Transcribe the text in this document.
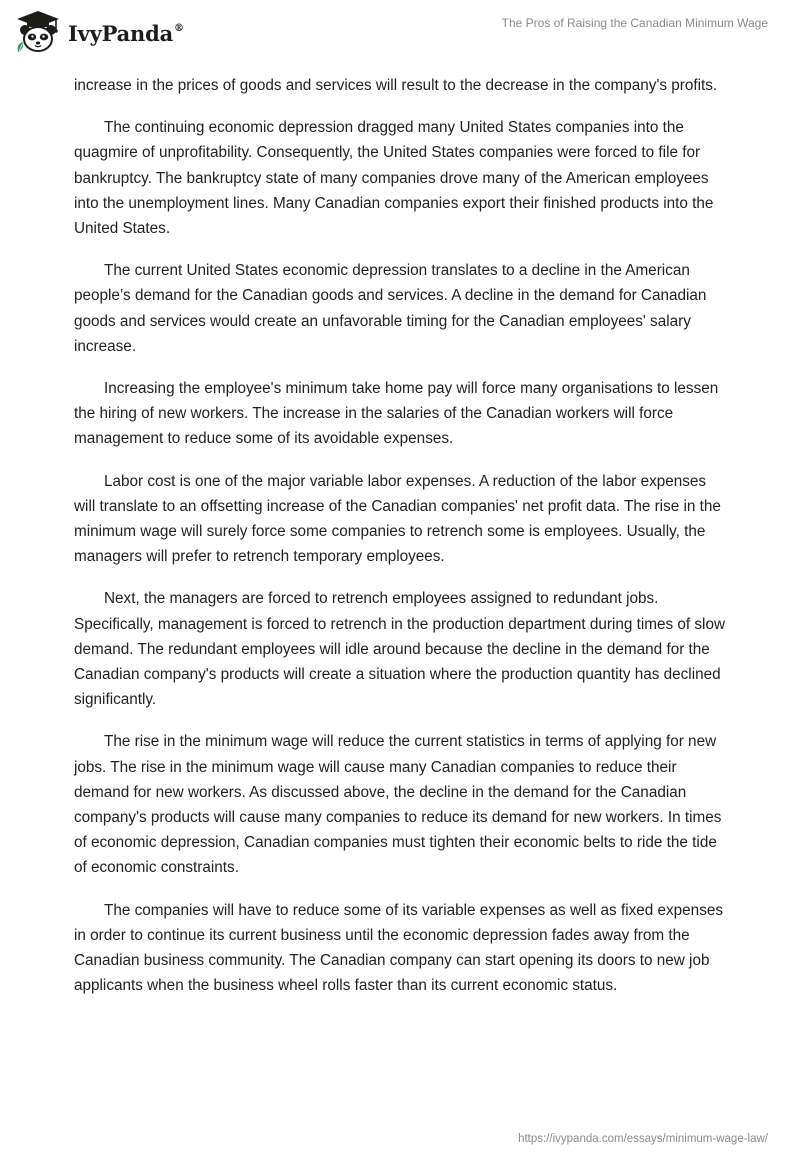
IvyPanda®	The Pros of Raising the Canadian Minimum Wage

increase in the prices of goods and services will result to the decrease in the company's profits.

The continuing economic depression dragged many United States companies into the quagmire of unprofitability. Consequently, the United States companies were forced to file for bankruptcy. The bankruptcy state of many companies drove many of the American employees into the unemployment lines. Many Canadian companies export their finished products into the United States.

The current United States economic depression translates to a decline in the American people’s demand for the Canadian goods and services. A decline in the demand for Canadian goods and services would create an unfavorable timing for the Canadian employees' salary increase.

Increasing the employee's minimum take home pay will force many organisations to lessen the hiring of new workers. The increase in the salaries of the Canadian workers will force management to reduce some of its avoidable expenses.

Labor cost is one of the major variable labor expenses. A reduction of the labor expenses will translate to an offsetting increase of the Canadian companies' net profit data. The rise in the minimum wage will surely force some companies to retrench some is employees. Usually, the managers will prefer to retrench temporary employees.

Next, the managers are forced to retrench employees assigned to redundant jobs. Specifically, management is forced to retrench in the production department during times of slow demand. The redundant employees will idle around because the decline in the demand for the Canadian company's products will create a situation where the production quantity has declined significantly.

The rise in the minimum wage will reduce the current statistics in terms of applying for new jobs. The rise in the minimum wage will cause many Canadian companies to reduce their demand for new workers. As discussed above, the decline in the demand for the Canadian company's products will cause many companies to reduce its demand for new workers. In times of economic depression, Canadian companies must tighten their economic belts to ride the tide of economic constraints.

The companies will have to reduce some of its variable expenses as well as fixed expenses in order to continue its current business until the economic depression fades away from the Canadian business community. The Canadian company can start opening its doors to new job applicants when the business wheel rolls faster than its current economic status.

https://ivypanda.com/essays/minimum-wage-law/
